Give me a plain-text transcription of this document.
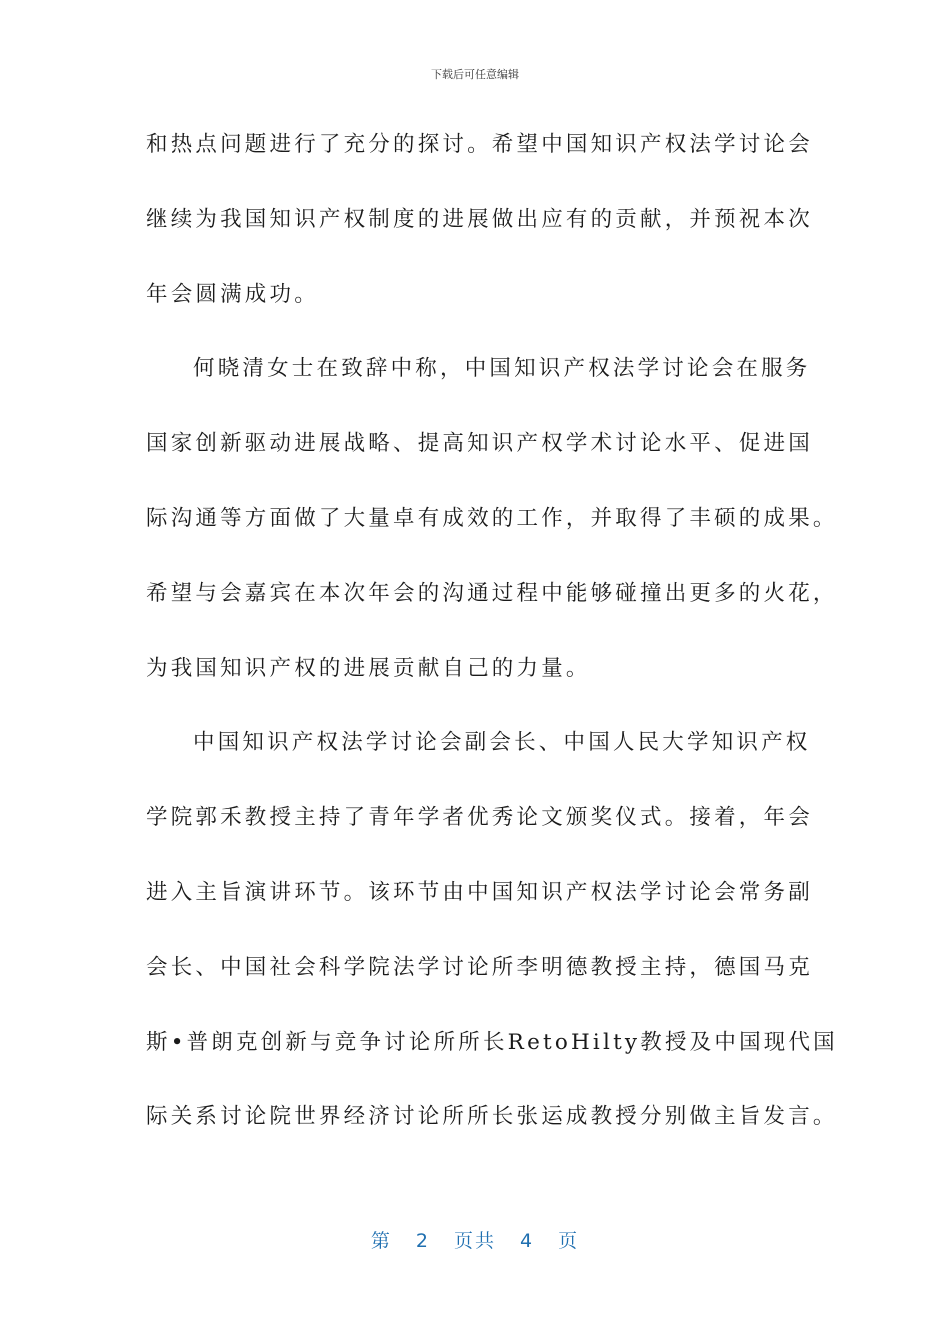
下载后可任意编辑
和热点问题进行了充分的探讨。希望中国知识产权法学讨论会
继续为我国知识产权制度的进展做出应有的贡献，并预祝本次
年会圆满成功。
何晓清女士在致辞中称，中国知识产权法学讨论会在服务
国家创新驱动进展战略、提高知识产权学术讨论水平、促进国
际沟通等方面做了大量卓有成效的工作，并取得了丰硕的成果。
希望与会嘉宾在本次年会的沟通过程中能够碰撞出更多的火花，
为我国知识产权的进展贡献自己的力量。
中国知识产权法学讨论会副会长、中国人民大学知识产权
学院郭禾教授主持了青年学者优秀论文颁奖仪式。接着，年会
进入主旨演讲环节。该环节由中国知识产权法学讨论会常务副
会长、中国社会科学院法学讨论所李明德教授主持，德国马克
斯•普朗克创新与竞争讨论所所长RetoHilty教授及中国现代国
际关系讨论院世界经济讨论所所长张运成教授分别做主旨发言。
第 2 页共 4 页
